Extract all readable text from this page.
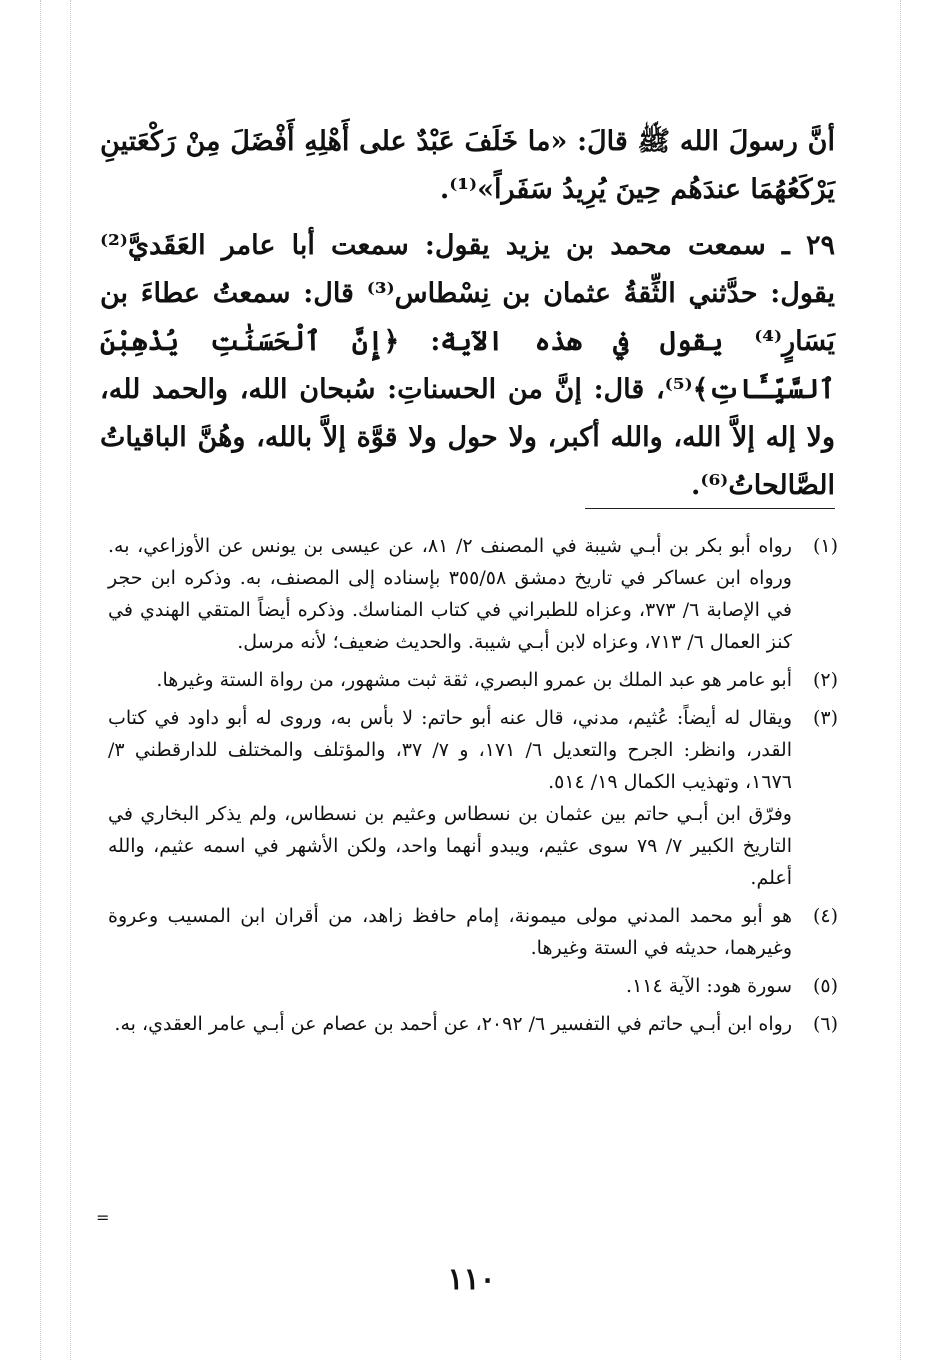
أنَّ رسولَ الله ﷺ قالَ: «ما خَلَفَ عَبْدٌ على أَهْلِهِ أَفْضَلَ مِنْ رَكْعَتينِ يَرْكَعُهُمَا عندَهُم حِينَ يُرِيدُ سَفَراً»⁽¹⁾.

٢٩ ـ سمعت محمد بن يزيد يقول: سمعت أبا عامر العَقَديَّ⁽²⁾ يقول: حدَّثني الثِّقةُ عثمان بن نِسْطاس⁽³⁾ قال: سمعتُ عطاءَ بن يَسَارٍ⁽⁴⁾ يقول في هذه الآية: ﴿إِنَّ ٱلْحَسَنَٰتِ يُذْهِبْنَ ٱلسَّيِّـَٔاتِ﴾⁽⁵⁾، قال: إنَّ من الحسناتِ: سُبحان الله، والحمد لله، ولا إله إلاَّ الله، والله أكبر، ولا حول ولا قوَّة إلاَّ بالله، وهُنَّ الباقياتُ الصَّالحاتُ⁽⁶⁾.

(١)
رواه أبو بكر بن أبـي شيبة في المصنف ٢/ ٨١، عن عيسى بن يونس عن الأوزاعي، به. ورواه ابن عساكر في تاريخ دمشق ٣٥٥/٥٨ بإسناده إلى المصنف، به. وذكره ابن حجر في الإصابة ٦/ ٣٧٣، وعزاه للطبراني في كتاب المناسك. وذكره أيضاً المتقي الهندي في كنز العمال ٦/ ٧١٣، وعزاه لابن أبـي شيبة. والحديث ضعيف؛ لأنه مرسل.
(٢)
أبو عامر هو عبد الملك بن عمرو البصري، ثقة ثبت مشهور، من رواة الستة وغيرها.
(٣)
ويقال له أيضاً: عُثيم، مدني، قال عنه أبو حاتم: لا بأس به، وروى له أبو داود في كتاب القدر، وانظر: الجرح والتعديل ٦/ ١٧١، و ٧/ ٣٧، والمؤتلف والمختلف للدارقطني ٣/ ١٦٧٦، وتهذيب الكمال ١٩/ ٥١٤.
وفرّق ابن أبـي حاتم بين عثمان بن نسطاس وعثيم بن نسطاس، ولم يذكر البخاري في التاريخ الكبير ٧/ ٧٩ سوى عثيم، ويبدو أنهما واحد، ولكن الأشهر في اسمه عثيم، والله أعلم.
(٤)
هو أبو محمد المدني مولى ميمونة، إمام حافظ زاهد، من أقران ابن المسيب وعروة وغيرهما، حديثه في الستة وغيرها.
(٥)
سورة هود: الآية ١١٤.
(٦)
رواه ابن أبـي حاتم في التفسير ٦/ ٢٠٩٢، عن أحمد بن عصام عن أبـي عامر العقدي، به.
=
١١٠
